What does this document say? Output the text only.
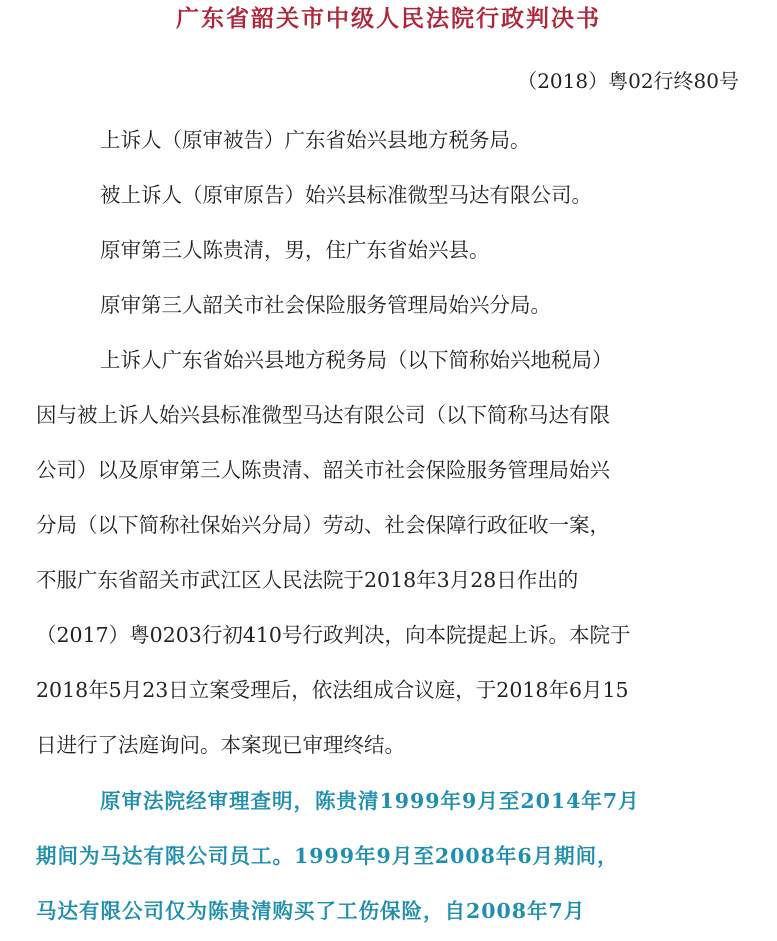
广东省韶关市中级人民法院行政判决书
（2018）粤02行终80号
上诉人（原审被告）广东省始兴县地方税务局。
被上诉人（原审原告）始兴县标准微型马达有限公司。
原审第三人陈贵清，男，住广东省始兴县。
原审第三人韶关市社会保险服务管理局始兴分局。
上诉人广东省始兴县地方税务局（以下简称始兴地税局）
因与被上诉人始兴县标准微型马达有限公司（以下简称马达有限
公司）以及原审第三人陈贵清、韶关市社会保险服务管理局始兴
分局（以下简称社保始兴分局）劳动、社会保障行政征收一案，
不服广东省韶关市武江区人民法院于2018年3月28日作出的
（2017）粤0203行初410号行政判决，向本院提起上诉。本院于
2018年5月23日立案受理后，依法组成合议庭，于2018年6月15
日进行了法庭询问。本案现已审理终结。
原审法院经审理查明，陈贵清1999年9月至2014年7月
期间为马达有限公司员工。1999年9月至2008年6月期间，
马达有限公司仅为陈贵清购买了工伤保险，自2008年7月
